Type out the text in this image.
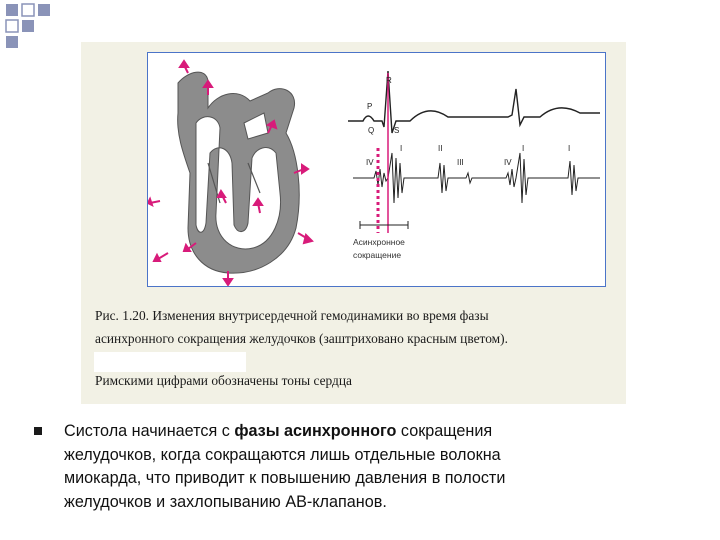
P
R
Q S
I	II
III
IV	IV
I	I
Асинхронное
сокращение
Рис. 1.20. Изменения внутрисердечной гемодинамики во время фазы
асинхронного сокращения желудочков (заштриховано красным цветом).
Римскими цифрами обозначены тоны сердца
Систола начинается с фазы асинхронного сокращения
желудочков, когда сокращаются лишь отдельные волокна
миокарда, что приводит к повышению давления в полости
желудочков и захлопыванию АВ-клапанов.
